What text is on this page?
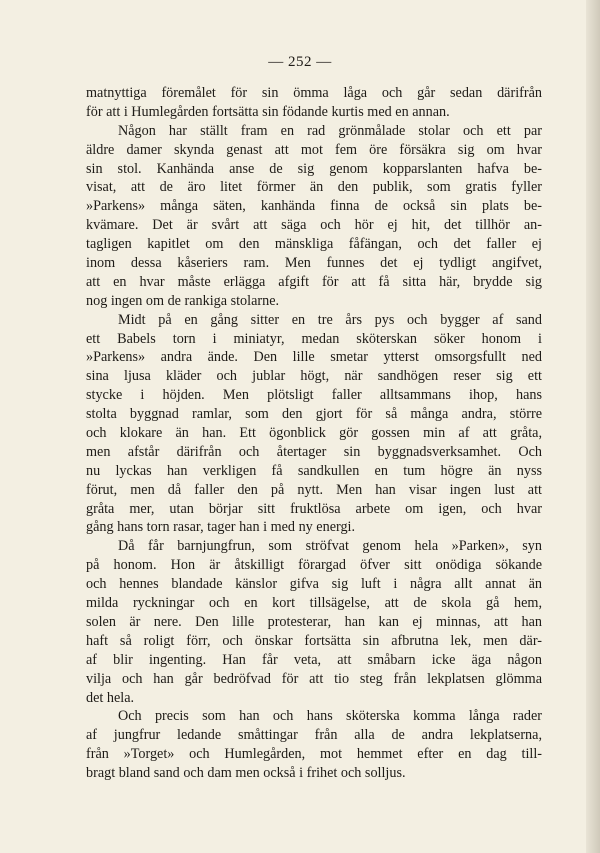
— 252 —
matnyttiga föremålet för sin ömma låga och går sedan därifrån
för att i Humlegården fortsätta sin födande kurtis med en annan.
Någon har ställt fram en rad grönmålade stolar och ett par
äldre damer skynda genast att mot fem öre försäkra sig om hvar
sin stol. Kanhända anse de sig genom kopparslanten hafva be-
visat, att de äro litet förmer än den publik, som gratis fyller
»Parkens» många säten, kanhända finna de också sin plats be-
kvämare. Det är svårt att säga och hör ej hit, det tillhör an-
tagligen kapitlet om den mänskliga fåfängan, och det faller ej
inom dessa kåseriers ram. Men funnes det ej tydligt angifvet,
att en hvar måste erlägga afgift för att få sitta här, brydde sig
nog ingen om de rankiga stolarne.
Midt på en gång sitter en tre års pys och bygger af sand
ett Babels torn i miniatyr, medan sköterskan söker honom i
»Parkens» andra ände. Den lille smetar ytterst omsorgsfullt ned
sina ljusa kläder och jublar högt, när sandhögen reser sig ett
stycke i höjden. Men plötsligt faller alltsammans ihop, hans
stolta byggnad ramlar, som den gjort för så många andra, större
och klokare än han. Ett ögonblick gör gossen min af att gråta,
men afstår därifrån och återtager sin byggnadsverksamhet. Och
nu lyckas han verkligen få sandkullen en tum högre än nyss
förut, men då faller den på nytt. Men han visar ingen lust att
gråta mer, utan börjar sitt fruktlösa arbete om igen, och hvar
gång hans torn rasar, tager han i med ny energi.
Då får barnjungfrun, som ströfvat genom hela »Parken», syn
på honom. Hon är åtskilligt förargad öfver sitt onödiga sökande
och hennes blandade känslor gifva sig luft i några allt annat än
milda ryckningar och en kort tillsägelse, att de skola gå hem,
solen är nere. Den lille protesterar, han kan ej minnas, att han
haft så roligt förr, och önskar fortsätta sin afbrutna lek, men där-
af blir ingenting. Han får veta, att småbarn icke äga någon
vilja och han går bedröfvad för att tio steg från lekplatsen glömma
det hela.
Och precis som han och hans sköterska komma långa rader
af jungfrur ledande småttingar från alla de andra lekplatserna,
från »Torget» och Humlegården, mot hemmet efter en dag till-
bragt bland sand och dam men också i frihet och solljus.
